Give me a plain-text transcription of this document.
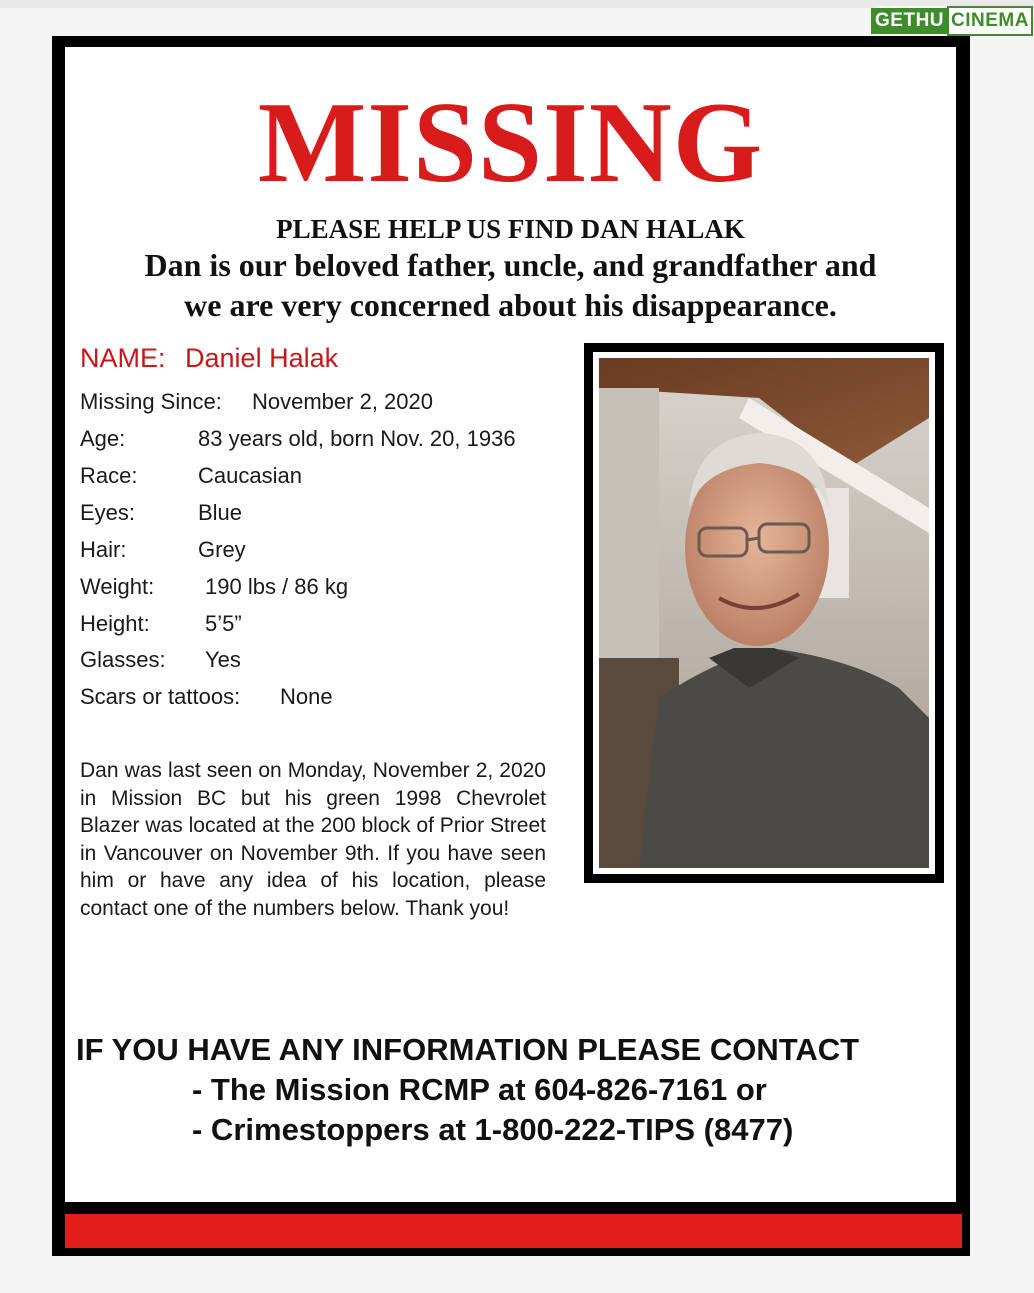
GETHU CINEMA
MISSING
PLEASE HELP US FIND DAN HALAK
Dan is our beloved father, uncle, and grandfather and
we are very concerned about his disappearance.
NAME: Daniel Halak
Missing Since: November 2, 2020
Age:	83 years old, born Nov. 20, 1936
Race:	Caucasian
Eyes:	Blue
Hair:	Grey
Weight: 190 lbs / 86 kg
Height:	5’5”
Glasses: Yes
Scars or tattoos: None
Dan was last seen on Monday, November 2, 2020 in Mission BC but his green 1998 Chevrolet Blazer was located at the 200 block of Prior Street in Vancouver on November 9th. If you have seen him or have any idea of his location, please contact one of the numbers below. Thank you!
IF YOU HAVE ANY INFORMATION PLEASE CONTACT
- The Mission RCMP at 604-826-7161 or
- Crimestoppers at 1-800-222-TIPS (8477)
